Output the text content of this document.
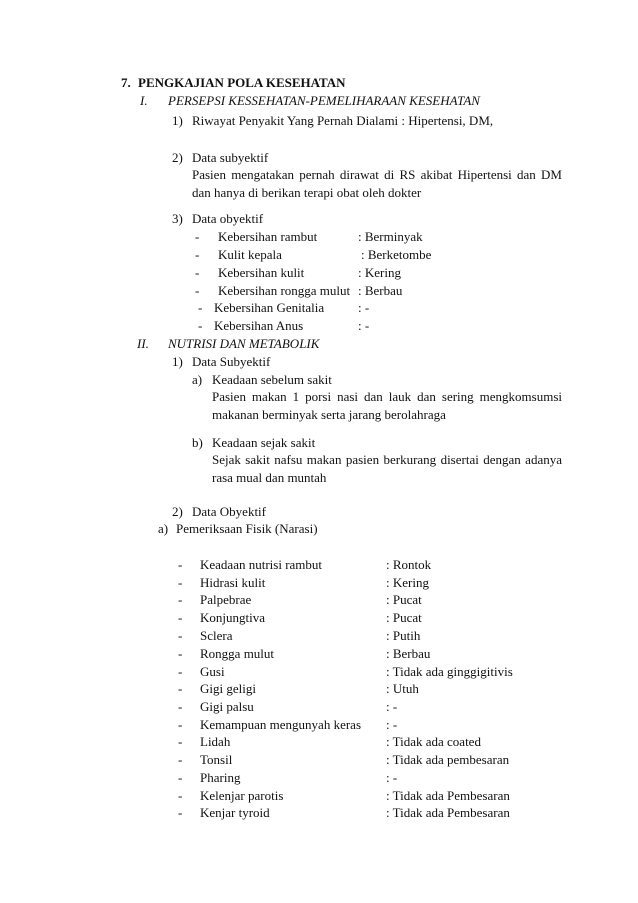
7. PENGKAJIAN POLA KESEHATAN
I. PERSEPSI KESSEHATAN-PEMELIHARAAN KESEHATAN
1) Riwayat Penyakit Yang Pernah Dialami : Hipertensi, DM,
2) Data subyektif
Pasien mengatakan pernah dirawat di RS akibat Hipertensi dan DM
dan hanya di berikan terapi obat oleh dokter
3) Data obyektif
- Kebersihan rambut	: Berminyak
- Kulit kepala	: Berketombe
- Kebersihan kulit	: Kering
- Kebersihan rongga mulut : Berbau
- Kebersihan Genitalia	: -
- Kebersihan Anus	: -
II. NUTRISI DAN METABOLIK
1) Data Subyektif
a) Keadaan sebelum sakit
Pasien makan 1 porsi nasi dan lauk dan sering mengkomsumsi
makanan berminyak serta jarang berolahraga
b) Keadaan sejak sakit
Sejak sakit nafsu makan pasien berkurang disertai dengan adanya
rasa mual dan muntah
2) Data Obyektif
a) Pemeriksaan Fisik (Narasi)
- Keadaan nutrisi rambut	: Rontok
- Hidrasi kulit	: Kering
- Palpebrae	: Pucat
- Konjungtiva	: Pucat
- Sclera	: Putih
- Rongga mulut	: Berbau
- Gusi	: Tidak ada ginggigitivis
- Gigi geligi	: Utuh
- Gigi palsu	: -
- Kemampuan mengunyah keras : -
- Lidah	: Tidak ada coated
- Tonsil	: Tidak ada pembesaran
- Pharing	: -
- Kelenjar parotis	: Tidak ada Pembesaran
- Kenjar tyroid	: Tidak ada Pembesaran
